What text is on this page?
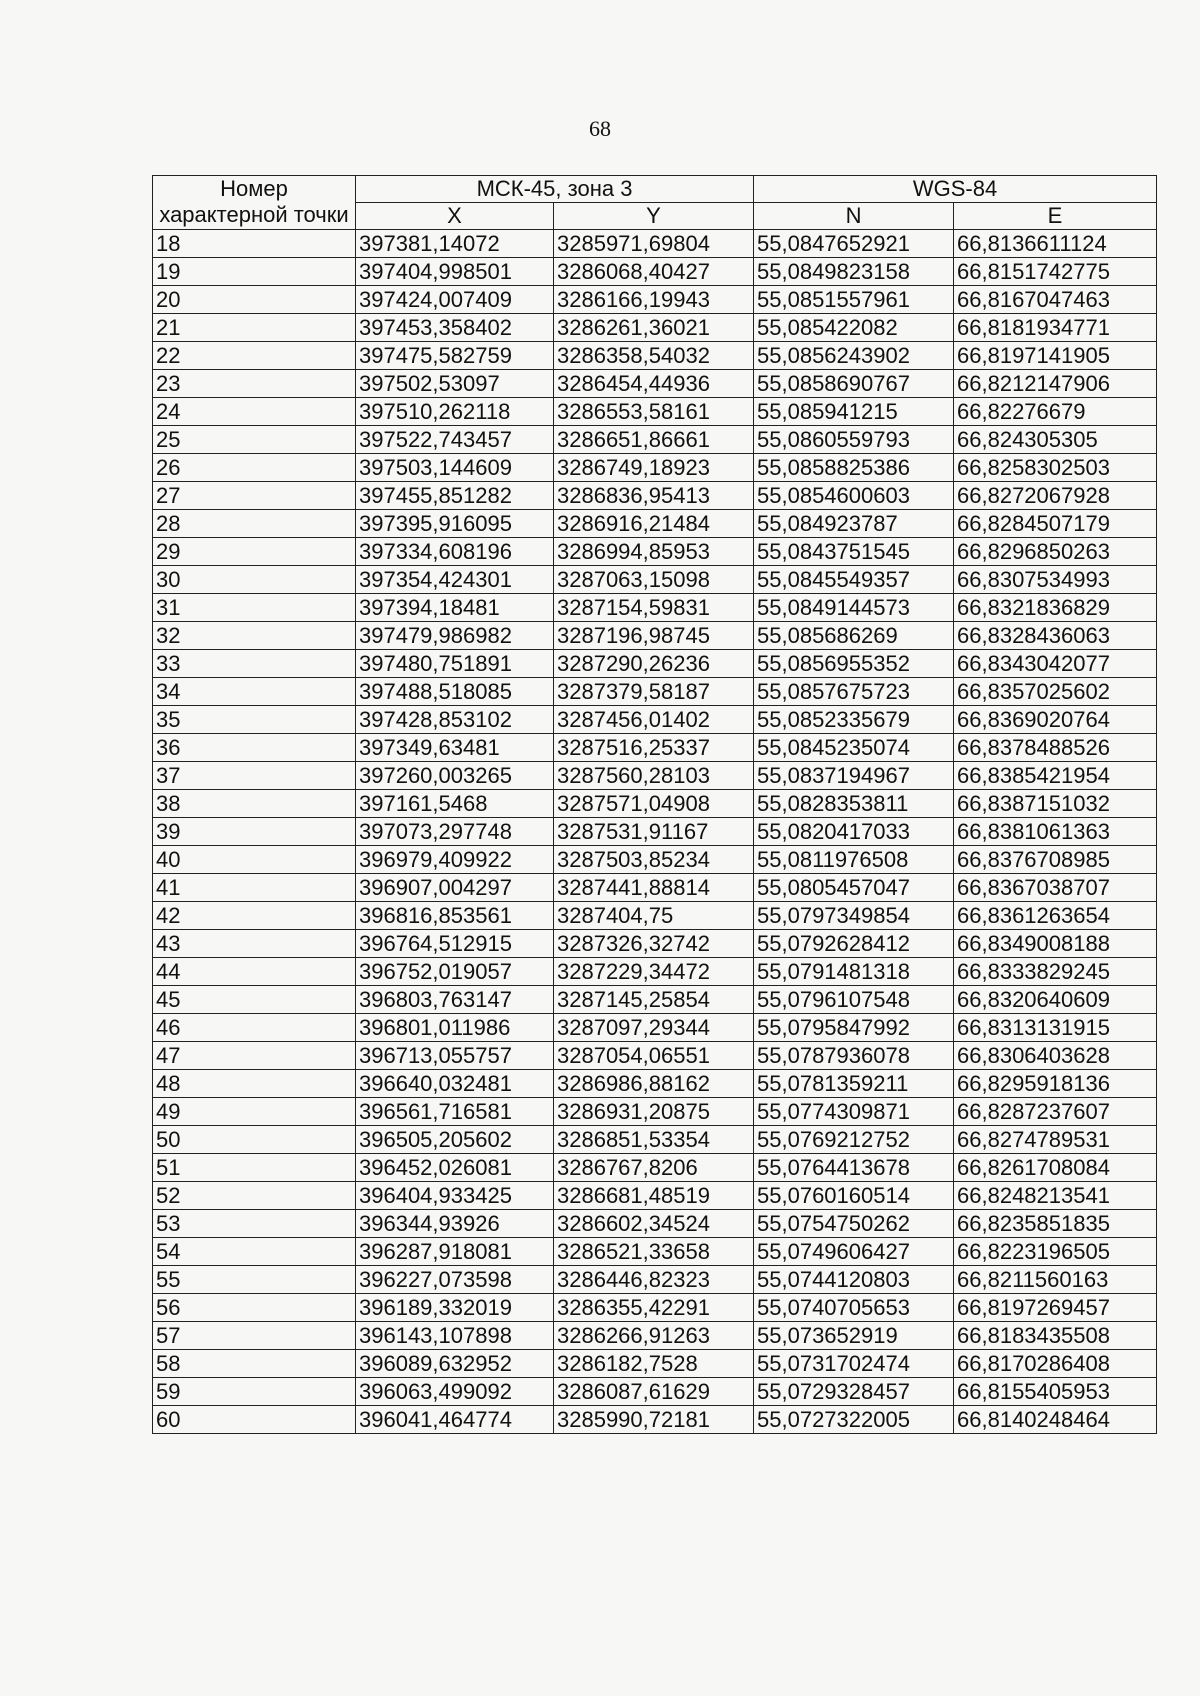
68
Номер характерной точки	МСК-45, зона 3		WGS-84	
	X	Y	N	E
18	397381,14072	3285971,69804	55,0847652921	66,8136611124
19	397404,998501	3286068,40427	55,0849823158	66,8151742775
20	397424,007409	3286166,19943	55,0851557961	66,8167047463
21	397453,358402	3286261,36021	55,085422082	66,8181934771
22	397475,582759	3286358,54032	55,0856243902	66,8197141905
23	397502,53097	3286454,44936	55,0858690767	66,8212147906
24	397510,262118	3286553,58161	55,085941215	66,82276679
25	397522,743457	3286651,86661	55,0860559793	66,824305305
26	397503,144609	3286749,18923	55,0858825386	66,8258302503
27	397455,851282	3286836,95413	55,0854600603	66,8272067928
28	397395,916095	3286916,21484	55,084923787	66,8284507179
29	397334,608196	3286994,85953	55,0843751545	66,8296850263
30	397354,424301	3287063,15098	55,0845549357	66,8307534993
31	397394,18481	3287154,59831	55,0849144573	66,8321836829
32	397479,986982	3287196,98745	55,085686269	66,8328436063
33	397480,751891	3287290,26236	55,0856955352	66,8343042077
34	397488,518085	3287379,58187	55,0857675723	66,8357025602
35	397428,853102	3287456,01402	55,0852335679	66,8369020764
36	397349,63481	3287516,25337	55,0845235074	66,8378488526
37	397260,003265	3287560,28103	55,0837194967	66,8385421954
38	397161,5468	3287571,04908	55,0828353811	66,8387151032
39	397073,297748	3287531,91167	55,0820417033	66,8381061363
40	396979,409922	3287503,85234	55,0811976508	66,8376708985
41	396907,004297	3287441,88814	55,0805457047	66,8367038707
42	396816,853561	3287404,75	55,0797349854	66,8361263654
43	396764,512915	3287326,32742	55,0792628412	66,8349008188
44	396752,019057	3287229,34472	55,0791481318	66,8333829245
45	396803,763147	3287145,25854	55,0796107548	66,8320640609
46	396801,011986	3287097,29344	55,0795847992	66,8313131915
47	396713,055757	3287054,06551	55,0787936078	66,8306403628
48	396640,032481	3286986,88162	55,0781359211	66,8295918136
49	396561,716581	3286931,20875	55,0774309871	66,8287237607
50	396505,205602	3286851,53354	55,0769212752	66,8274789531
51	396452,026081	3286767,8206	55,0764413678	66,8261708084
52	396404,933425	3286681,48519	55,0760160514	66,8248213541
53	396344,93926	3286602,34524	55,0754750262	66,8235851835
54	396287,918081	3286521,33658	55,0749606427	66,8223196505
55	396227,073598	3286446,82323	55,0744120803	66,8211560163
56	396189,332019	3286355,42291	55,0740705653	66,8197269457
57	396143,107898	3286266,91263	55,073652919	66,8183435508
58	396089,632952	3286182,7528	55,0731702474	66,8170286408
59	396063,499092	3286087,61629	55,0729328457	66,8155405953
60	396041,464774	3285990,72181	55,0727322005	66,8140248464
